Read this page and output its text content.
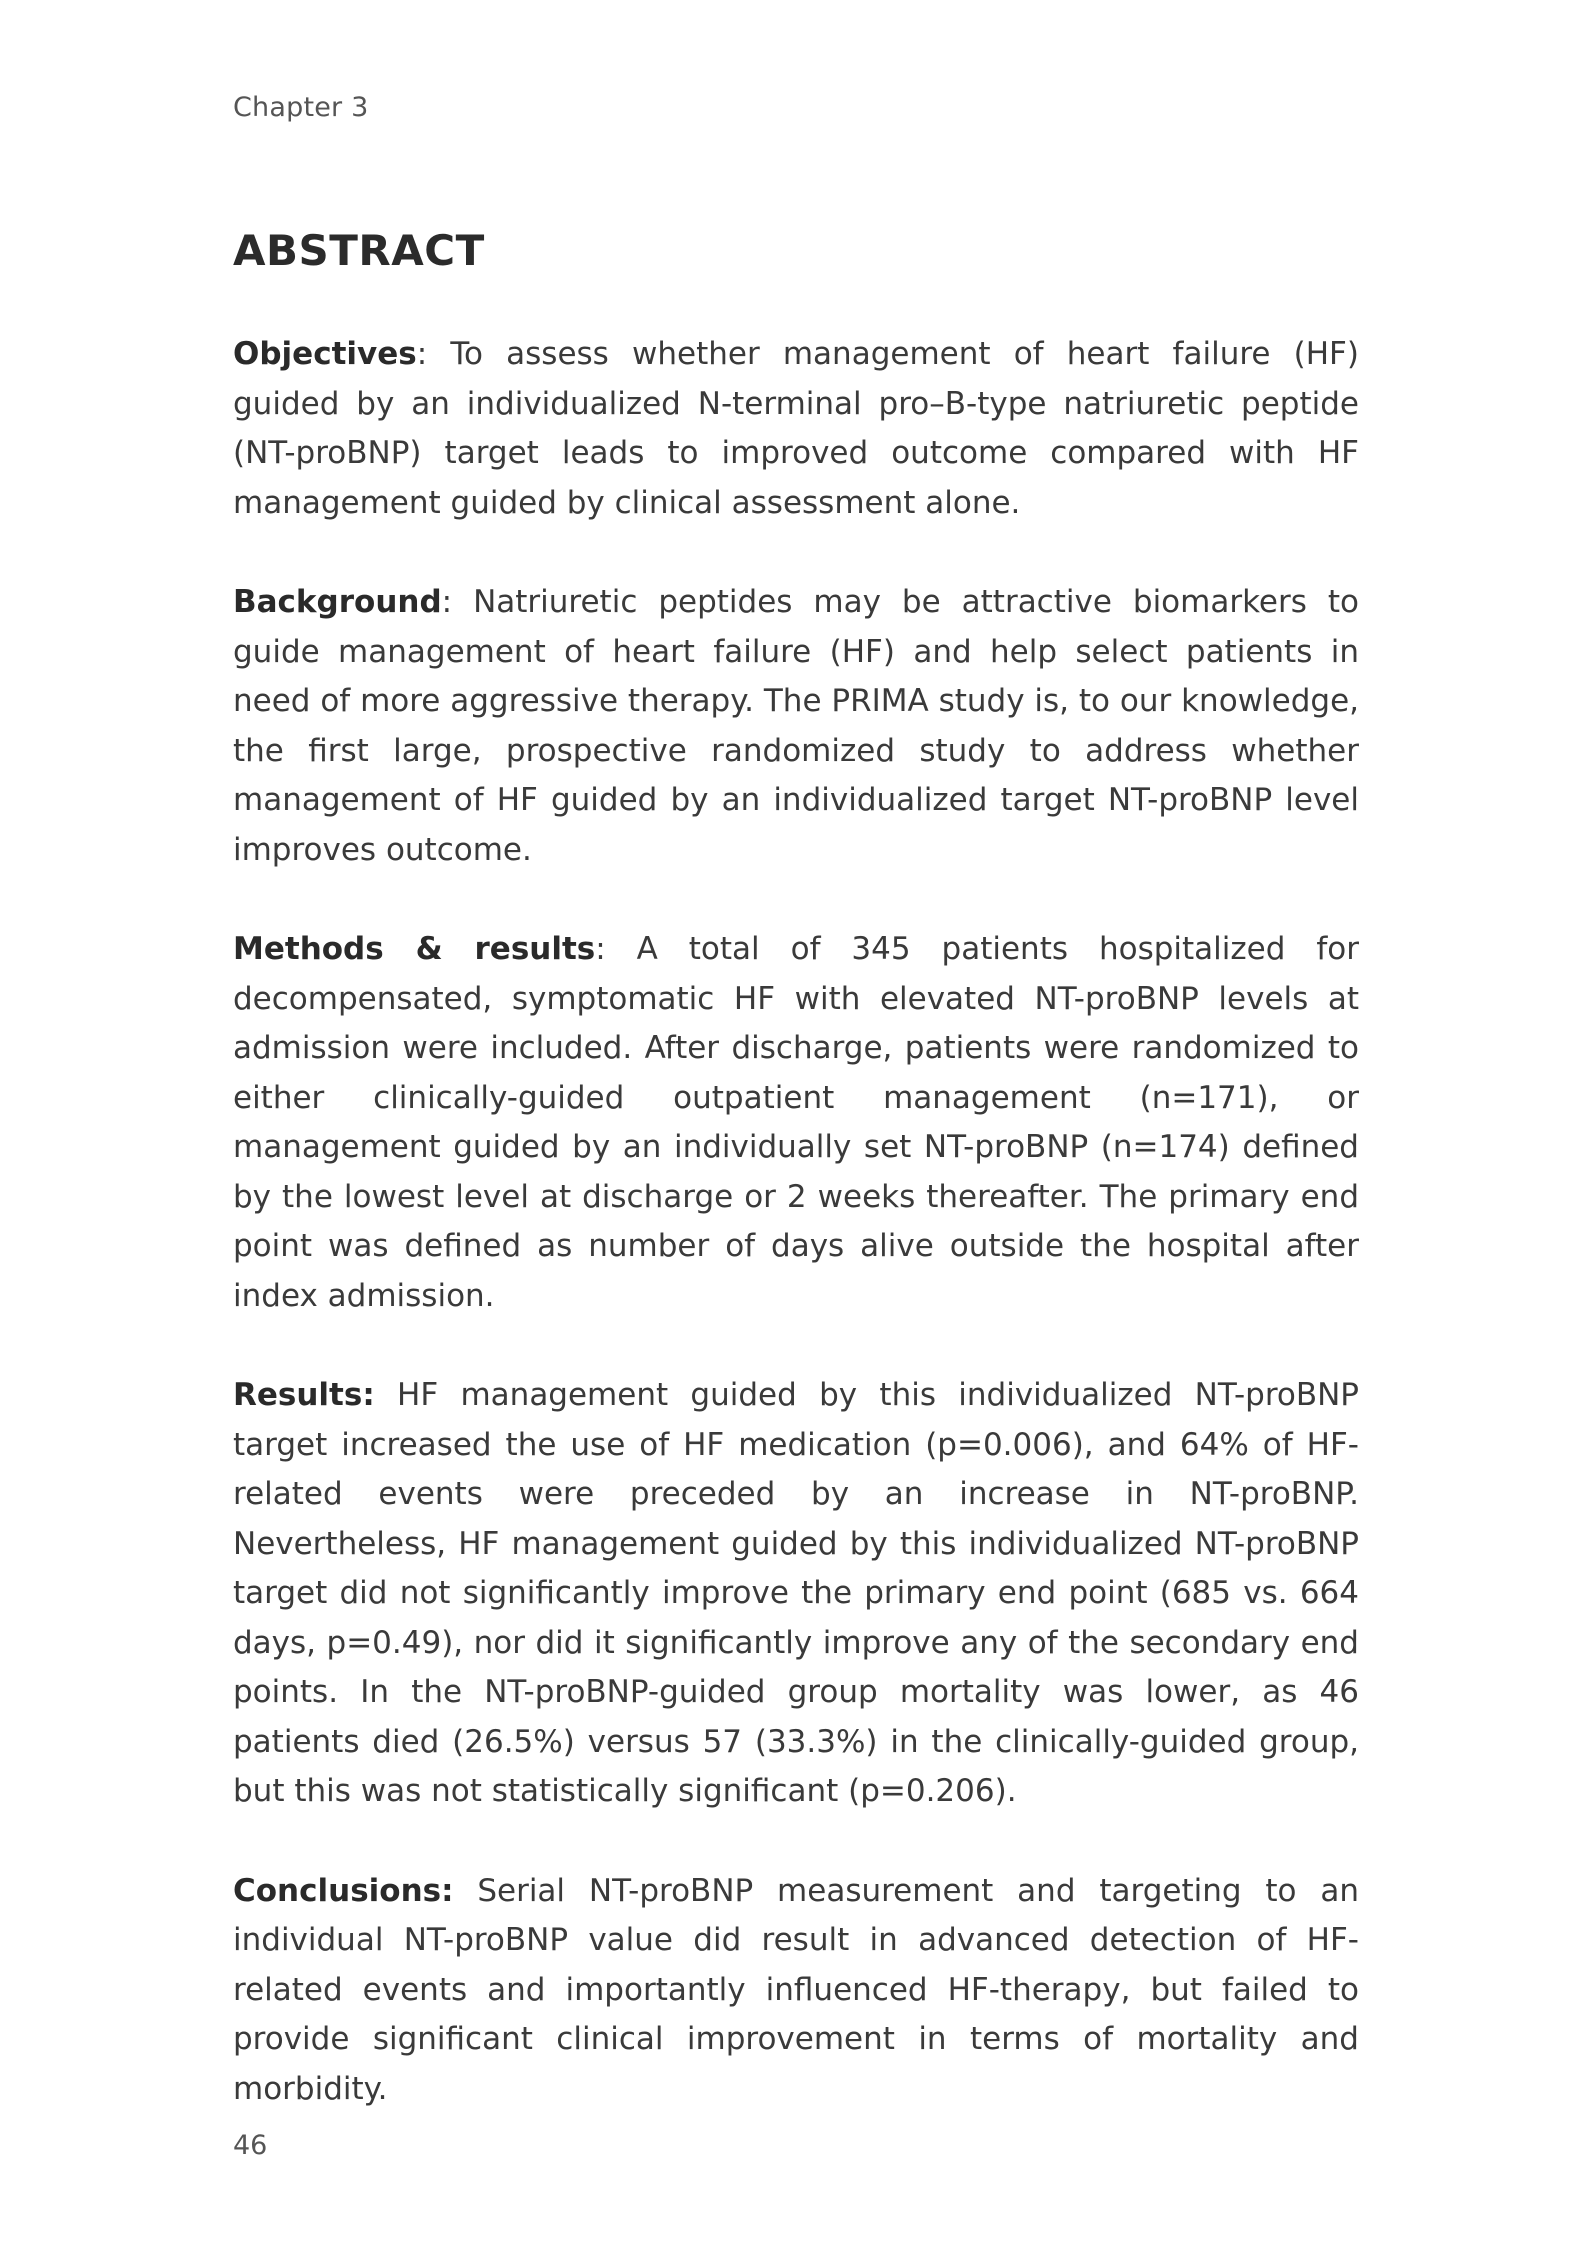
Chapter 3
ABSTRACT

Objectives: To assess whether management of heart failure (HF) guided by an individualized N-terminal pro–B-type natriuretic peptide (NT-proBNP) target leads to improved outcome compared with HF management guided by clinical assessment alone.

Background: Natriuretic peptides may be attractive biomarkers to guide management of heart failure (HF) and help select patients in need of more aggressive therapy. The PRIMA study is, to our knowledge, the first large, prospective randomized study to address whether management of HF guided by an individualized target NT-proBNP level improves outcome.

Methods & results: A total of 345 patients hospitalized for decompensated, symptomatic HF with elevated NT-proBNP levels at admission were included. After discharge, patients were randomized to either clinically-guided outpatient management (n=171), or management guided by an individually set NT-proBNP (n=174) defined by the lowest level at discharge or 2 weeks thereafter. The primary end point was defined as number of days alive outside the hospital after index admission.

Results: HF management guided by this individualized NT-proBNP target increased the use of HF medication (p=0.006), and 64% of HF-related events were preceded by an increase in NT-proBNP. Nevertheless, HF management guided by this individualized NT-proBNP target did not significantly improve the primary end point (685 vs. 664 days, p=0.49), nor did it significantly improve any of the secondary end points. In the NT-proBNP-guided group mortality was lower, as 46 patients died (26.5%) versus 57 (33.3%) in the clinically-guided group, but this was not statistically significant (p=0.206).

Conclusions: Serial NT-proBNP measurement and targeting to an individual NT-proBNP value did result in advanced detection of HF-related events and importantly influenced HF-therapy, but failed to provide significant clinical improvement in terms of mortality and morbidity.

46
